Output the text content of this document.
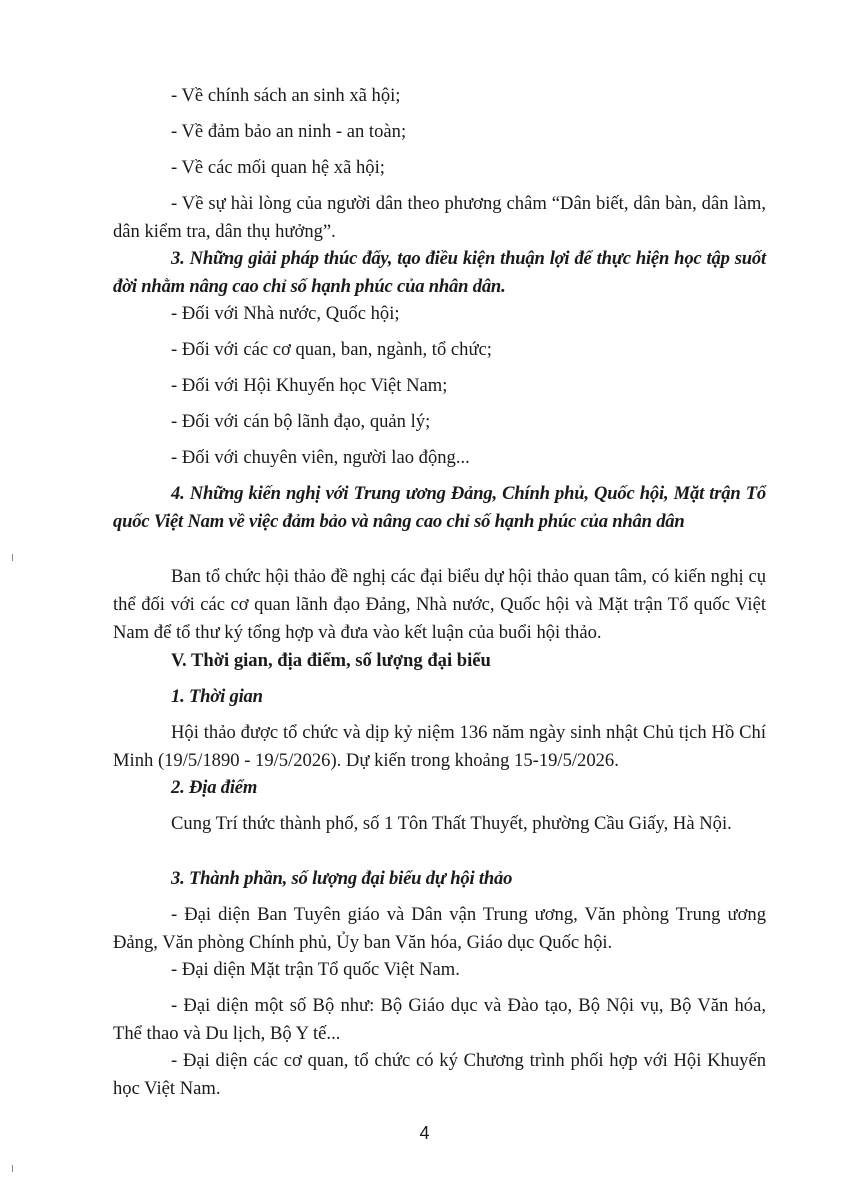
- Về chính sách an sinh xã hội;
- Về đảm bảo an ninh - an toàn;
- Về các mối quan hệ xã hội;
- Về sự hài lòng của người dân theo phương châm “Dân biết, dân bàn, dân làm, dân kiểm tra, dân thụ hưởng”.
3. Những giải pháp thúc đẩy, tạo điều kiện thuận lợi để thực hiện học tập suốt đời nhằm nâng cao chỉ số hạnh phúc của nhân dân.
- Đối với Nhà nước, Quốc hội;
- Đối với các cơ quan, ban, ngành, tổ chức;
- Đối với Hội Khuyến học Việt Nam;
- Đối với cán bộ lãnh đạo, quản lý;
- Đối với chuyên viên, người lao động...
4. Những kiến nghị với Trung ương Đảng, Chính phủ, Quốc hội, Mặt trận Tổ quốc Việt Nam về việc đảm bảo và nâng cao chỉ số hạnh phúc của nhân dân
Ban tổ chức hội thảo đề nghị các đại biểu dự hội thảo quan tâm, có kiến nghị cụ thể đối với các cơ quan lãnh đạo Đảng, Nhà nước, Quốc hội và Mặt trận Tổ quốc Việt Nam để tổ thư ký tổng hợp và đưa vào kết luận của buổi hội thảo.
V. Thời gian, địa điểm, số lượng đại biểu
1. Thời gian
Hội thảo được tổ chức và dịp kỷ niệm 136 năm ngày sinh nhật Chủ tịch Hồ Chí Minh (19/5/1890 - 19/5/2026). Dự kiến trong khoảng 15-19/5/2026.
2. Địa điểm
Cung Trí thức thành phố, số 1 Tôn Thất Thuyết, phường Cầu Giấy, Hà Nội.
3. Thành phần, số lượng đại biểu dự hội thảo
- Đại diện Ban Tuyên giáo và Dân vận Trung ương, Văn phòng Trung ương Đảng, Văn phòng Chính phủ, Ủy ban Văn hóa, Giáo dục Quốc hội.
- Đại diện Mặt trận Tổ quốc Việt Nam.
- Đại diện một số Bộ như: Bộ Giáo dục và Đào tạo, Bộ Nội vụ, Bộ Văn hóa, Thể thao và Du lịch, Bộ Y tế...
- Đại diện các cơ quan, tổ chức có ký Chương trình phối hợp với Hội Khuyến học Việt Nam.
4
